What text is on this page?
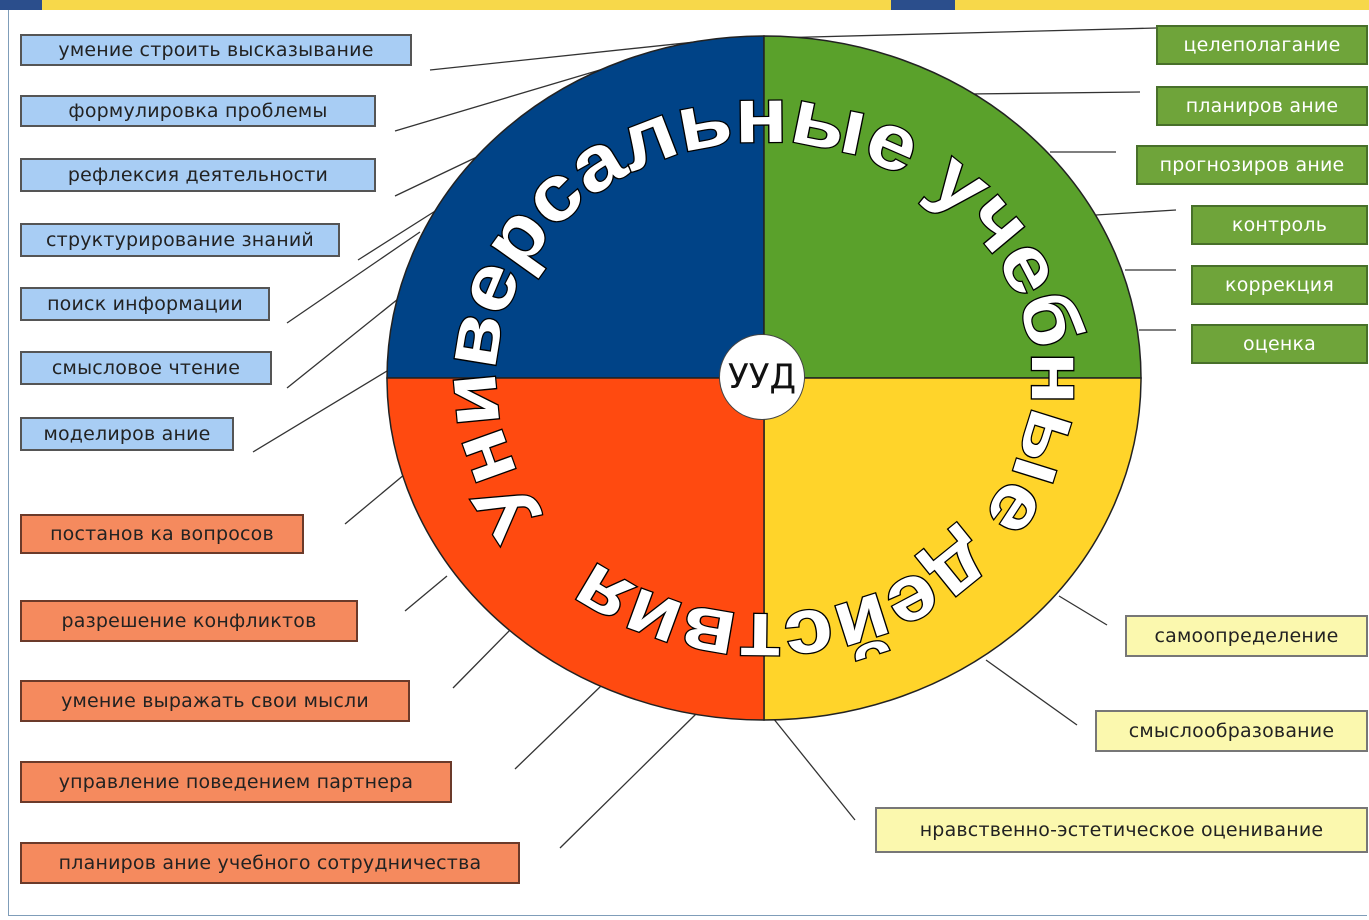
Универсальные учебные действия
УУД
умение строить высказывание
формулировка проблемы
рефлексия деятельности
структурирование знаний
поиск информации
смысловое чтение
моделиров ание
постанов ка вопросов
разрешение конфликтов
умение выражать свои мысли
управление поведением партнера
планиров ание учебного сотрудничества
целеполагание
планиров ание
прогнозиров ание
контроль
коррекция
оценка
самоопределение
смыслообразование
нравственно-эстетическое оценивание
